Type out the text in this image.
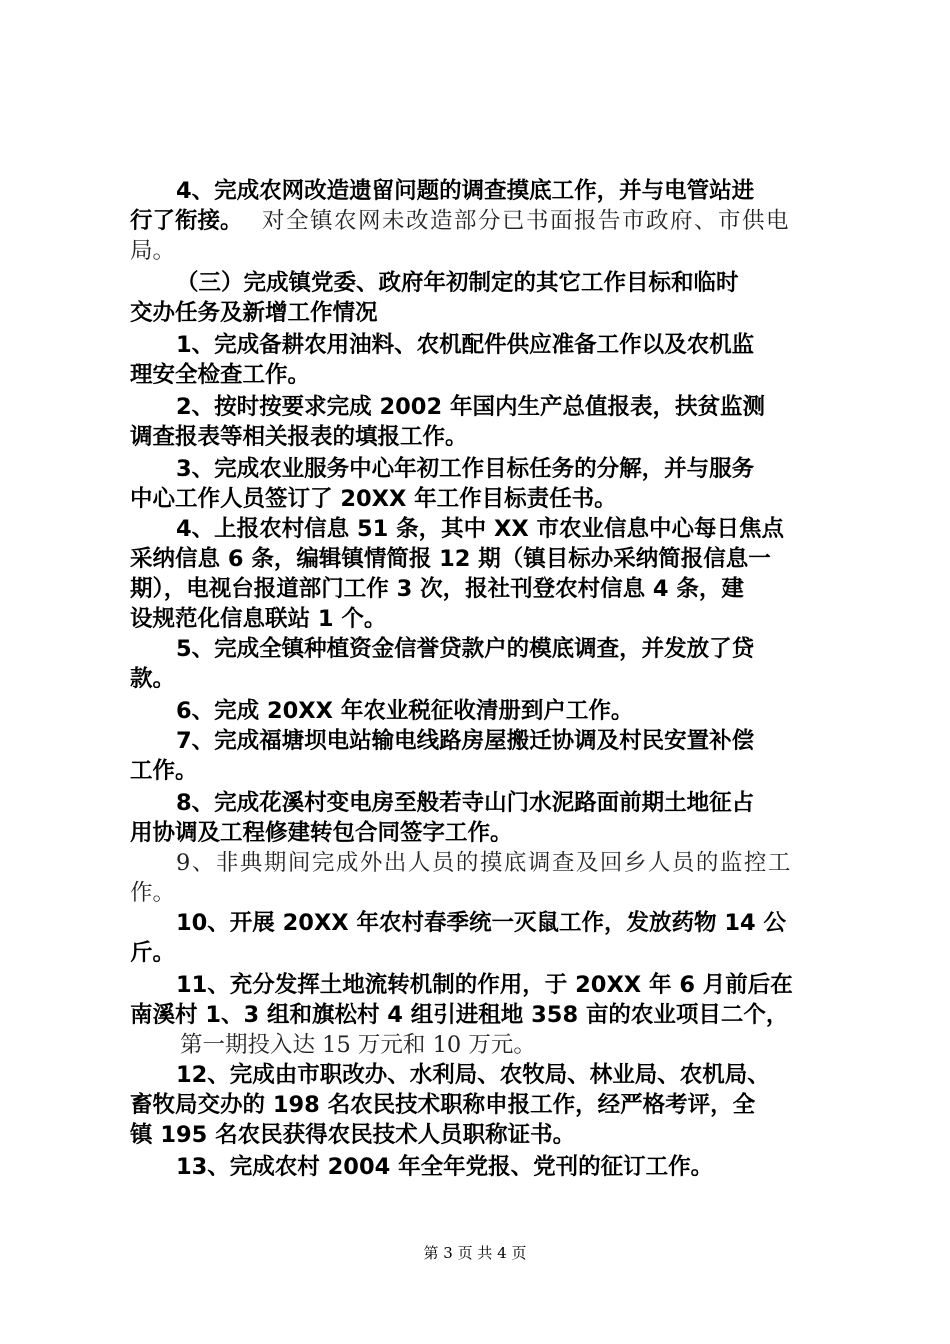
4、完成农网改造遗留问题的调查摸底工作，并与电管站进
行了衔接。 对全镇农网未改造部分已书面报告市政府、市供电
局。
（三）完成镇党委、政府年初制定的其它工作目标和临时
交办任务及新增工作情况
1、完成备耕农用油料、农机配件供应准备工作以及农机监
理安全检查工作。
2、按时按要求完成 2002 年国内生产总值报表，扶贫监测
调查报表等相关报表的填报工作。
3、完成农业服务中心年初工作目标任务的分解，并与服务
中心工作人员签订了 20XX 年工作目标责任书。
4、上报农村信息 51 条，其中 XX 市农业信息中心每日焦点
采纳信息 6 条，编辑镇情简报 12 期（镇目标办采纳简报信息一
期），电视台报道部门工作 3 次，报社刊登农村信息 4 条，建
设规范化信息联站 1 个。
5、完成全镇种植资金信誉贷款户的模底调查，并发放了贷
款。
6、完成 20XX 年农业税征收清册到户工作。
7、完成福塘坝电站输电线路房屋搬迁协调及村民安置补偿
工作。
8、完成花溪村变电房至般若寺山门水泥路面前期土地征占
用协调及工程修建转包合同签字工作。
9、非典期间完成外出人员的摸底调查及回乡人员的监控工
作。
10、开展 20XX 年农村春季统一灭鼠工作，发放药物 14 公
斤。
11、充分发挥土地流转机制的作用，于 20XX 年 6 月前后在
南溪村 1、3 组和旗松村 4 组引进租地 358 亩的农业项目二个，
第一期投入达 15 万元和 10 万元。
12、完成由市职改办、水利局、农牧局、林业局、农机局、
畜牧局交办的 198 名农民技术职称申报工作，经严格考评，全
镇 195 名农民获得农民技术人员职称证书。
13、完成农村 2004 年全年党报、党刊的征订工作。
第 3 页 共 4 页
